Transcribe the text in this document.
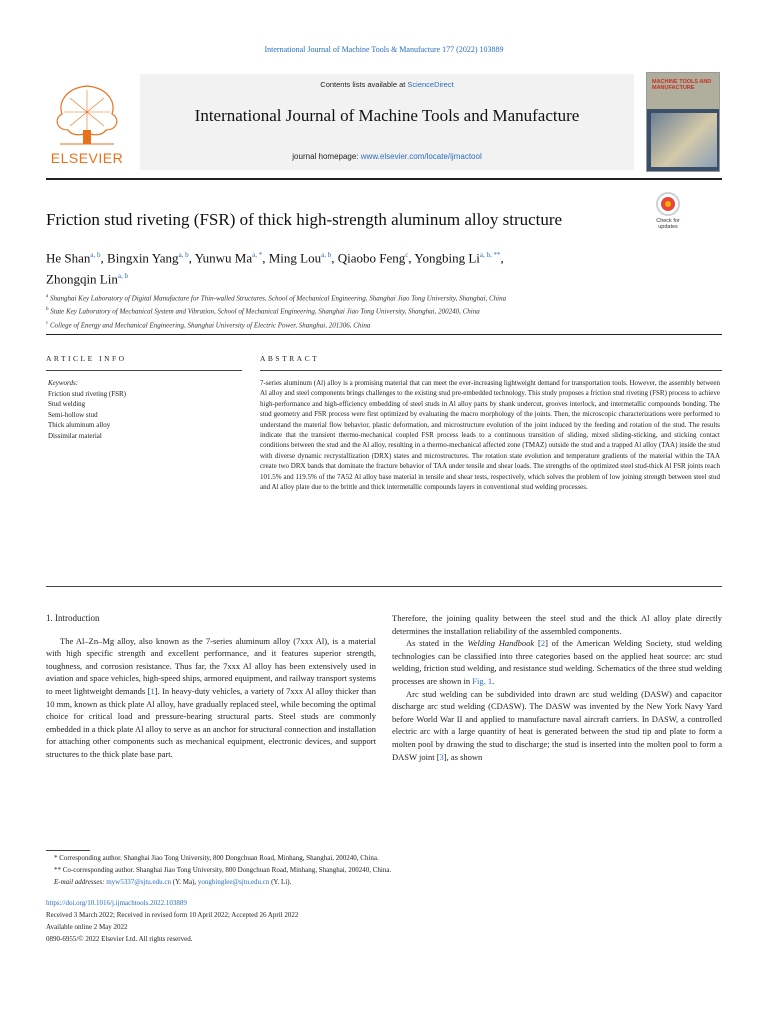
International Journal of Machine Tools & Manufacture 177 (2022) 103889
ELSEVIER
Contents lists available at ScienceDirect
International Journal of Machine Tools and Manufacture
journal homepage: www.elsevier.com/locate/ijmactool
MACHINE TOOLS AND MANUFACTURE
Friction stud riveting (FSR) of thick high-strength aluminum alloy structure	Check for updates
He Shan$^{a, b}$, Bingxin Yang$^{a, b}$, Yunwu $Ma^{a, *}$, Ming Lou$^{a, b}$, Qiaobo Feng$^c$, Yongbing $Li^{a, b, **}$,
Zhongqin Lin$^{a, b}$
$^a$ Shanghai Key Laboratory of Digital Manufacture for Thin-walled Structures, School of Mechanical Engineering, Shanghai Jiao Tong University, Shanghai, China
$^b$ State Key Laboratory of Mechanical System and Vibration, School of Mechanical Engineering, Shanghai Jiao Tong University, Shanghai, 200240, China
$^c$ College of Energy and Mechanical Engineering, Shanghai University of Electric Power, Shanghai, 201306, China
ARTICLE INFO	ABSTRACT
Keywords:
Friction stud riveting (FSR)
Stud welding
Semi-hollow stud
Thick aluminum alloy
Dissimilar material
7-series aluminum (Al) alloy is a promising material that can meet the ever-increasing lightweight demand for transportation tools. However, the assembly between Al alloy and steel components brings challenges to the existing stud pre-embedded technology. This study proposes a friction stud riveting (FSR) process to achieve high-performance and high-efficiency embedding of steel studs in Al alloy parts by shank undercut, grooves interlock, and intermetallic compounds bonding. The stud geometry and FSR process were first optimized by evaluating the macro morphology of the joints. Then, the microscopic characterizations were performed to understand the material flow behavior, plastic deformation, and microstructure evolution of the joint induced by the feeding and rotation of the stud. The results indicate that the transient thermo-mechanical coupled FSR process leads to a continuous transition of sliding, mixed sliding-sticking, and sticking contact conditions between the stud and the Al alloy, resulting in a thermo-mechanical affected zone (TMAZ) outside the stud and a trapped Al alloy (TAA) inside the stud with diverse dynamic recrystallization (DRX) states and microstructures. The rotation state evolution and temperature gradients of the material within the TAA create two DRX bands that dominate the fracture behavior of TAA under tensile and shear loads. The strengths of the optimized steel stud-thick Al FSR joints reach 101.5% and 119.5% of the 7A52 Al alloy base material in tensile and shear tests, respectively, which solves the problem of low joining strength between steel stud and Al alloy plate due to the brittle and thick intermetallic compounds layers in conventional stud welding processes.
1. Introduction

The Al–Zn–Mg alloy, also known as the 7-series aluminum alloy (7xxx Al), is a material with high specific strength and excellent performance, and it features superior strength, toughness, and corrosion resistance. Thus far, the 7xxx Al alloy has been extensively used in aviation and space vehicles, high-speed ships, armored equipment, and railway transport systems to meet lightweight demands [1]. In heavy-duty vehicles, a variety of 7xxx Al alloy thicker than 10 mm, known as thick plate Al alloy, have gradually replaced steel, while becoming the optimal choice for critical load and pressure-bearing structural parts. Steel studs are commonly embedded in a thick plate Al alloy to serve as an anchor for structural connection and installation for attaching other components such as mechanical equipment, electronic devices, and support structures to the thick plate base part.

Therefore, the joining quality between the steel stud and the thick Al alloy plate directly determines the installation reliability of the assembled components.

As stated in the Welding Handbook [2] of the American Welding Society, stud welding technologies can be classified into three categories based on the applied heat source: arc stud welding, friction stud welding, and resistance stud welding. Schematics of the three stud welding processes are shown in Fig. 1.

Arc stud welding can be subdivided into drawn arc stud welding (DASW) and capacitor discharge arc stud welding (CDASW). The DASW was invented by the New York Navy Yard before World War II and applied to manufacture naval aircraft carriers. In DASW, a controlled electric arc with a large quantity of heat is generated between the stud tip and plate to form a molten pool by drawing the stud to discharge; the stud is inserted into the molten pool to form a DASW joint [3], as shown

* Corresponding author. Shanghai Jiao Tong University, 800 Dongchuan Road, Minhang, Shanghai, 200240, China.
** Co-corresponding author. Shanghai Jiao Tong University, 800 Dongchuan Road, Minhang, Shanghai, 200240, China.
E-mail addresses: myw5337@sjtu.edu.cn (Y. Ma), yongbinglee@sjtu.edu.cn (Y. Li).
https://doi.org/10.1016/j.ijmachtools.2022.103889
Received 3 March 2022; Received in revised form 10 April 2022; Accepted 26 April 2022
Available online 2 May 2022
0890-6955/© 2022 Elsevier Ltd. All rights reserved.
